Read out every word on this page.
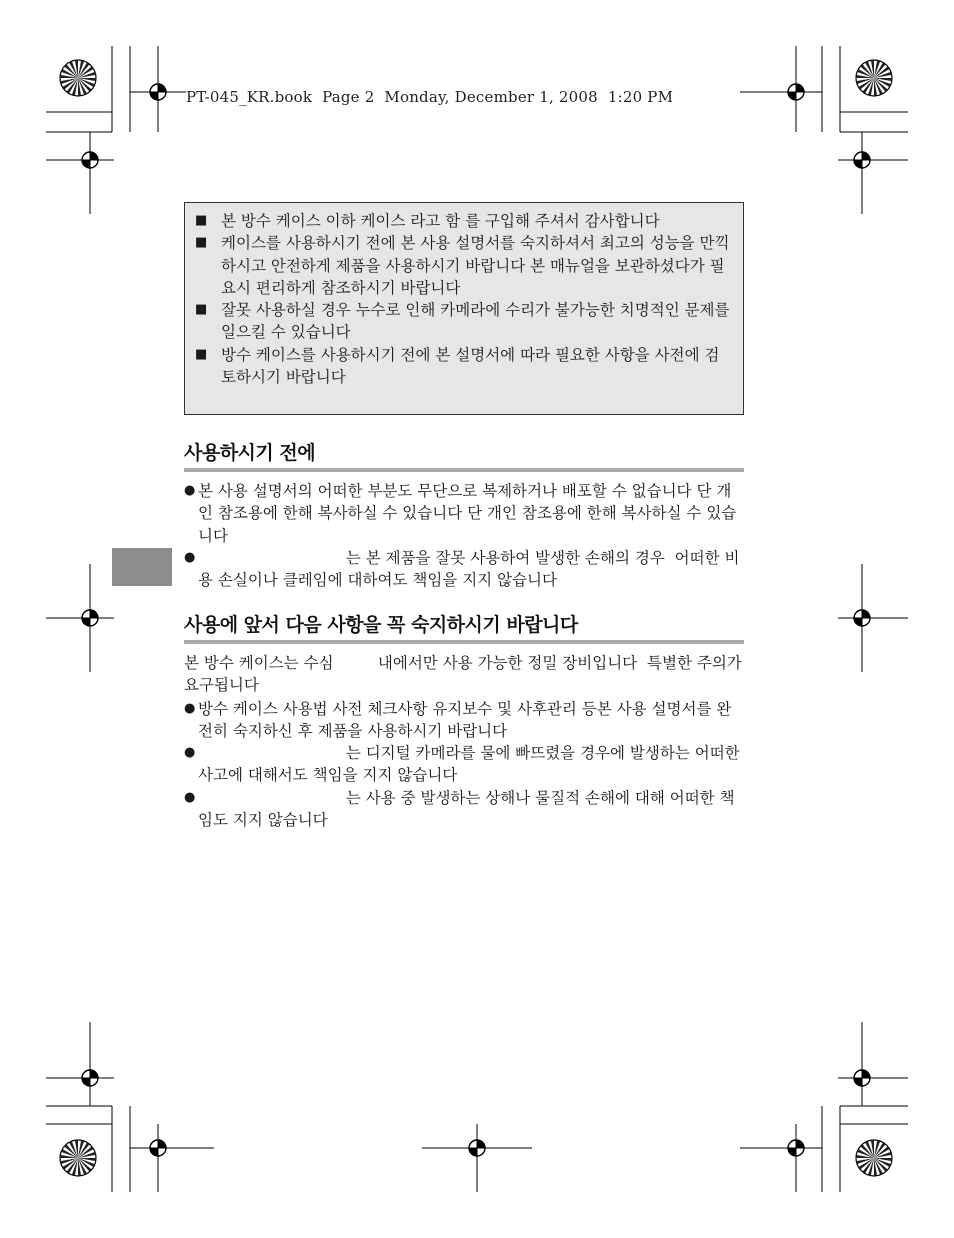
PT-045_KR.book  Page 2  Monday, December 1, 2008  1:20 PM
■ 본 방수 케이스 이하 케이스 라고 함 를 구입해 주셔서 감사합니다
■ 케이스를 사용하시기 전에 본 사용 설명서를 숙지하셔서 최고의 성능을 만끽하시고 안전하게 제품을 사용하시기 바랍니다 본 매뉴얼을 보관하셨다가 필요시 편리하게 참조하시기 바랍니다
■ 잘못 사용하실 경우 누수로 인해 카메라에 수리가 불가능한 치명적인 문제를 일으킬 수 있습니다
■ 방수 케이스를 사용하시기 전에 본 설명서에 따라 필요한 사항을 사전에 검토하시기 바랍니다
사용하시기 전에
● 본 사용 설명서의 어떠한 부분도 무단으로 복제하거나 배포할 수 없습니다 단 개인 참조용에 한해 복사하실 수 있습니다 단 개인 참조용에 한해 복사하실 수 있습니다
● 는 본 제품을 잘못 사용하여 발생한 손해의 경우  어떠한 비용 손실이나 클레임에 대하여도 책임을 지지 않습니다
사용에 앞서 다음 사항을 꼭 숙지하시기 바랍니다
본 방수 케이스는 수심         내에서만 사용 가능한 정밀 장비입니다  특별한 주의가 요구됩니다
● 방수 케이스 사용법 사전 체크사항 유지보수 및 사후관리 등본 사용 설명서를 완전히 숙지하신 후 제품을 사용하시기 바랍니다
● 는 디지털 카메라를 물에 빠뜨렸을 경우에 발생하는 어떠한 사고에 대해서도 책임을 지지 않습니다
● 는 사용 중 발생하는 상해나 물질적 손해에 대해 어떠한 책임도 지지 않습니다
